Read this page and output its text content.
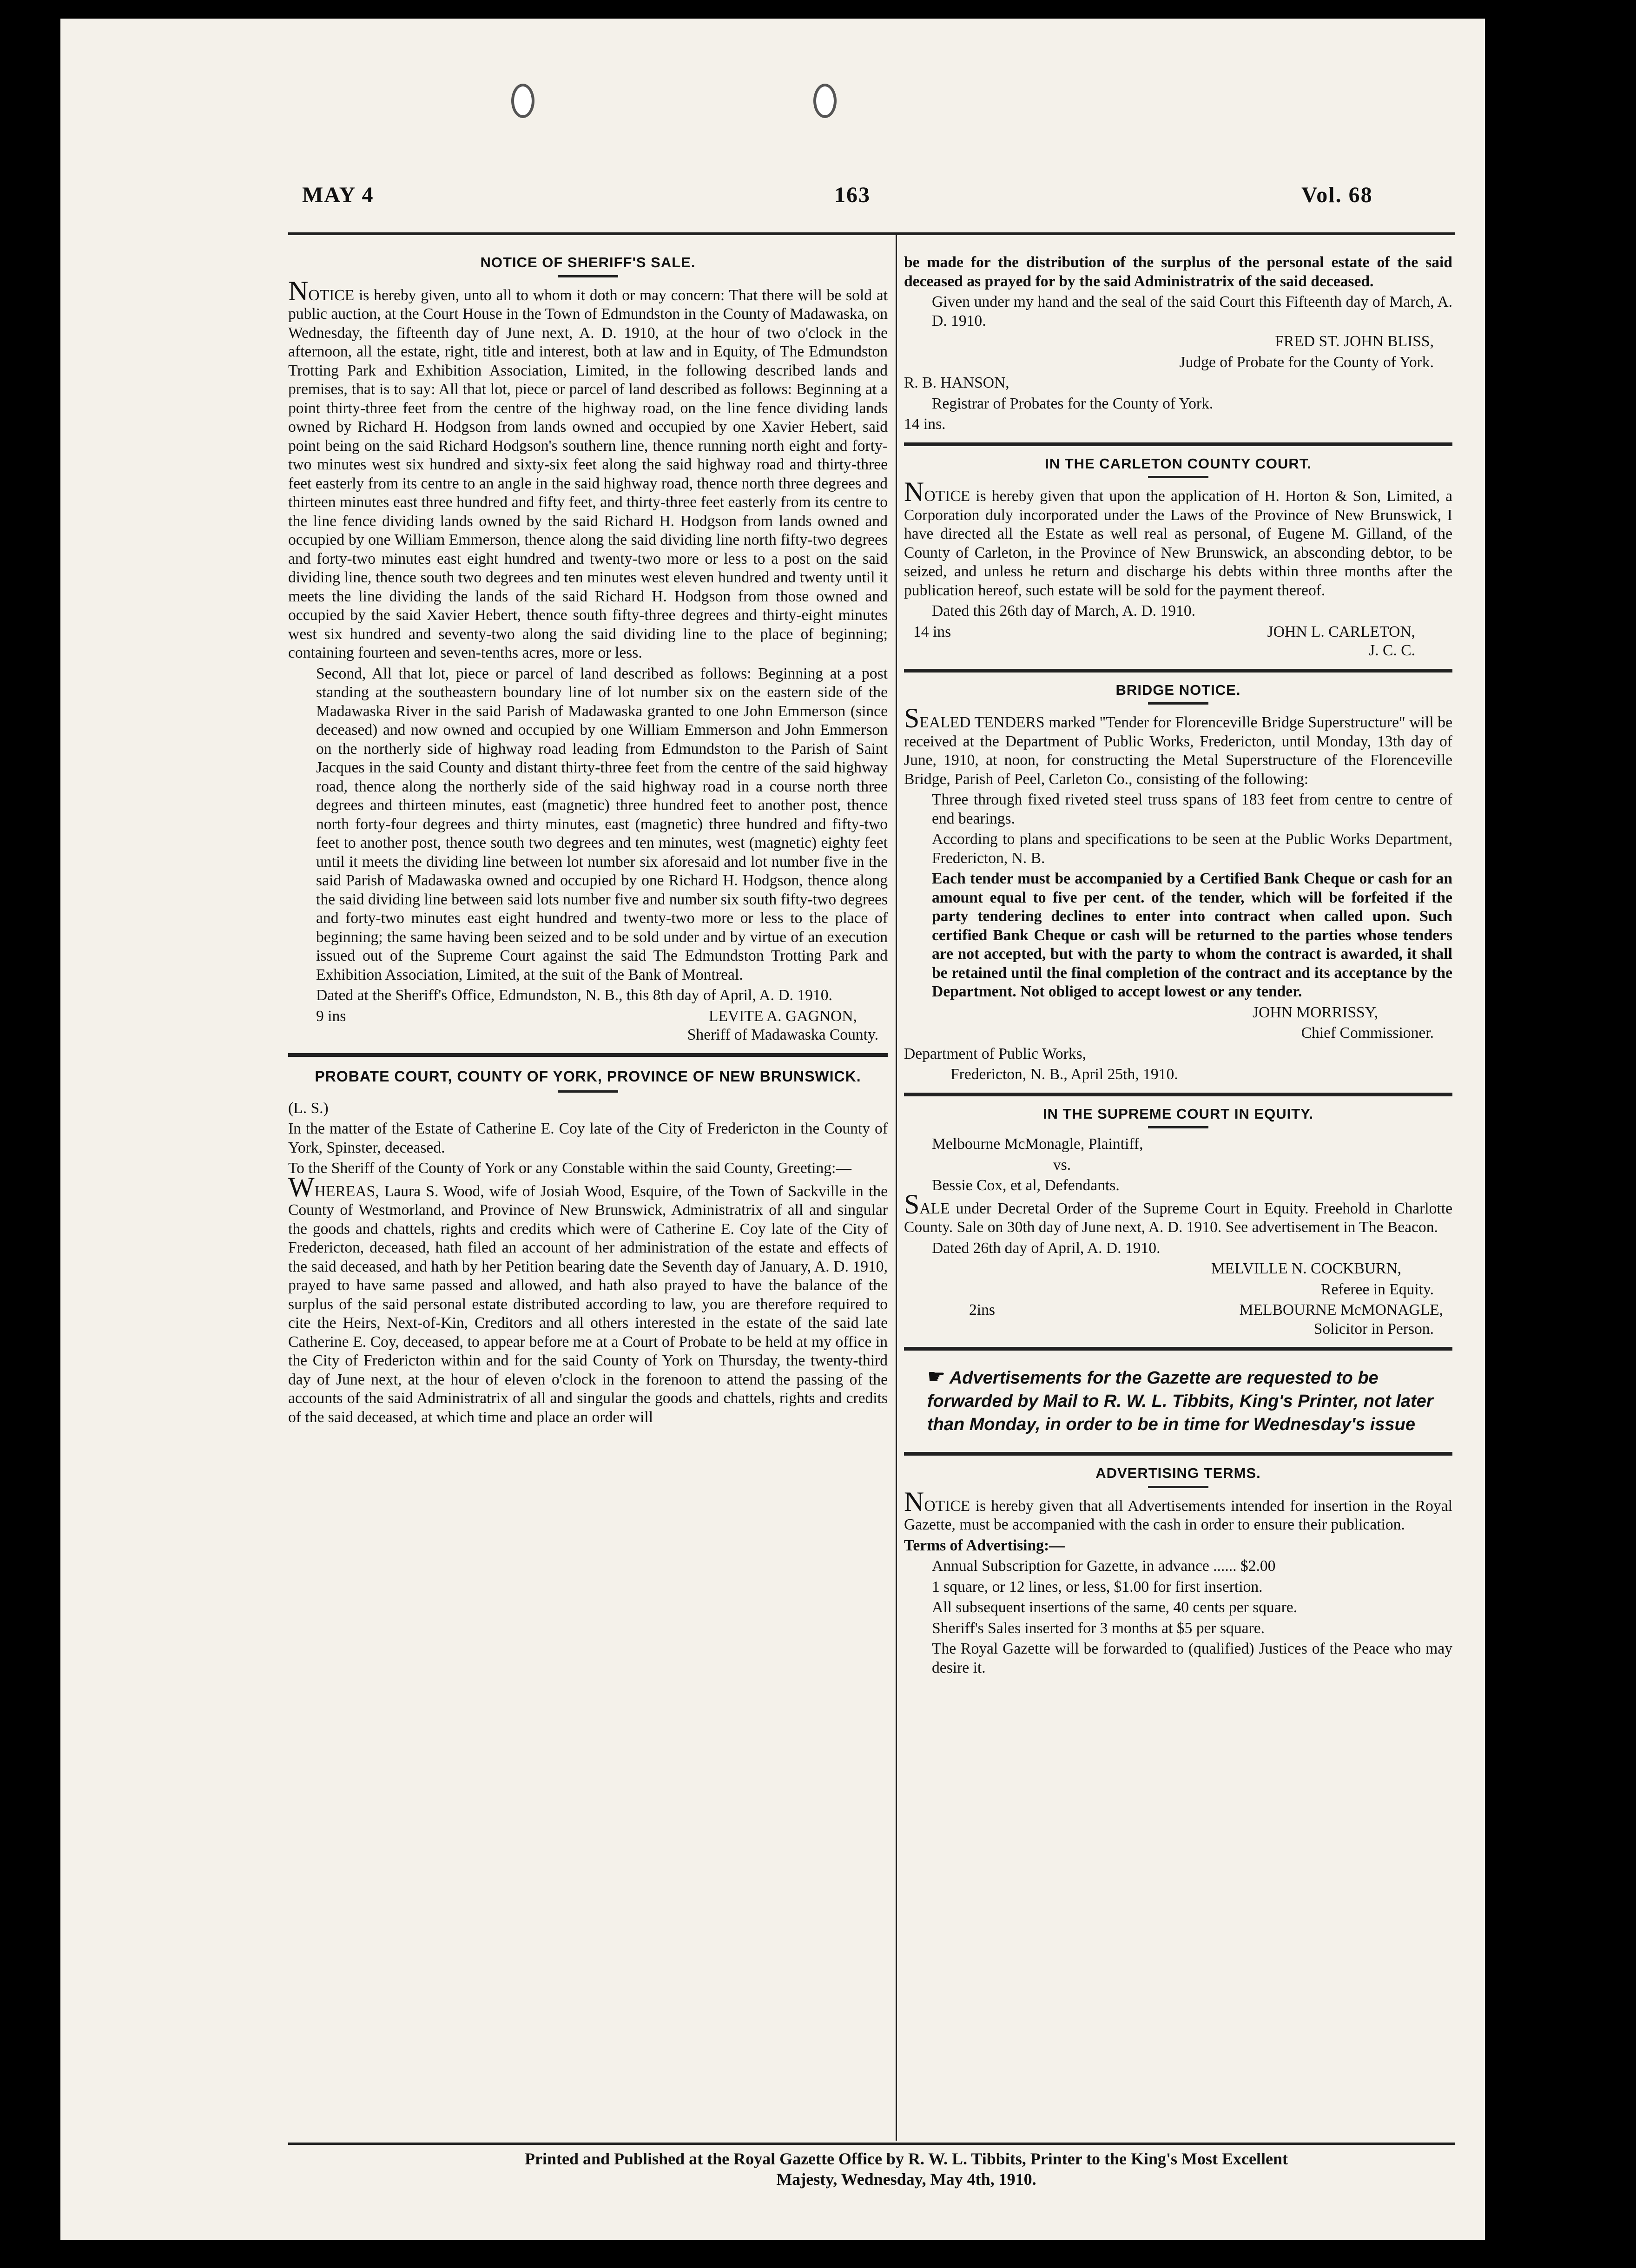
MAY 4	163	Vol. 68

NOTICE OF SHERIFF'S SALE.

NOTICE is hereby given, unto all to whom it doth or may concern: That there will be sold at public auction, at the Court House in the Town of Edmundston in the County of Madawaska, on Wednesday, the fifteenth day of June next, A. D. 1910, at the hour of two o'clock in the afternoon, all the estate, right, title and interest, both at law and in Equity, of The Edmundston Trotting Park and Exhibition Association, Limited, in the following described lands and premises, that is to say: All that lot, piece or parcel of land described as follows: Beginning at a point thirty-three feet from the centre of the highway road, on the line fence dividing lands owned by Richard H. Hodgson from lands owned and occupied by one Xavier Hebert, said point being on the said Richard Hodgson's southern line, thence running north eight and forty-two minutes west six hundred and sixty-six feet along the said highway road and thirty-three feet easterly from its centre to an angle in the said highway road, thence north three degrees and thirteen minutes east three hundred and fifty feet, and thirty-three feet easterly from its centre to the line fence dividing lands owned by the said Richard H. Hodgson from lands owned and occupied by one William Emmerson, thence along the said dividing line north fifty-two degrees and forty-two minutes east eight hundred and twenty-two more or less to a post on the said dividing line, thence south two degrees and ten minutes west eleven hundred and twenty until it meets the line dividing the lands of the said Richard H. Hodgson from those owned and occupied by the said Xavier Hebert, thence south fifty-three degrees and thirty-eight minutes west six hundred and seventy-two along the said dividing line to the place of beginning; containing fourteen and seven-tenths acres, more or less.

Second, All that lot, piece or parcel of land described as follows: Beginning at a post standing at the southeastern boundary line of lot number six on the eastern side of the Madawaska River in the said Parish of Madawaska granted to one John Emmerson (since deceased) and now owned and occupied by one William Emmerson and John Emmerson on the northerly side of highway road leading from Edmundston to the Parish of Saint Jacques in the said County and distant thirty-three feet from the centre of the said highway road, thence along the northerly side of the said highway road in a course north three degrees and thirteen minutes, east (magnetic) three hundred feet to another post, thence north forty-four degrees and thirty minutes, east (magnetic) three hundred and fifty-two feet to another post, thence south two degrees and ten minutes, west (magnetic) eighty feet until it meets the dividing line between lot number six aforesaid and lot number five in the said Parish of Madawaska owned and occupied by one Richard H. Hodgson, thence along the said dividing line between said lots number five and number six south fifty-two degrees and forty-two minutes east eight hundred and twenty-two more or less to the place of beginning; the same having been seized and to be sold under and by virtue of an execution issued out of the Supreme Court against the said The Edmundston Trotting Park and Exhibition Association, Limited, at the suit of the Bank of Montreal.

Dated at the Sheriff's Office, Edmundston, N. B., this 8th day of April, A. D. 1910.

9 ins	LEVITE A. GAGNON,
Sheriff of Madawaska County.

PROBATE COURT, COUNTY OF YORK, PROVINCE OF NEW BRUNSWICK.

(L. S.)

In the matter of the Estate of Catherine E. Coy late of the City of Fredericton in the County of York, Spinster, deceased.

To the Sheriff of the County of York or any Constable within the said County, Greeting:—

WHEREAS, Laura S. Wood, wife of Josiah Wood, Esquire, of the Town of Sackville in the County of Westmorland, and Province of New Brunswick, Administratrix of all and singular the goods and chattels, rights and credits which were of Catherine E. Coy late of the City of Fredericton, deceased, hath filed an account of her administration of the estate and effects of the said deceased, and hath by her Petition bearing date the Seventh day of January, A. D. 1910, prayed to have same passed and allowed, and hath also prayed to have the balance of the surplus of the said personal estate distributed according to law, you are therefore required to cite the Heirs, Next-of-Kin, Creditors and all others interested in the estate of the said late Catherine E. Coy, deceased, to appear before me at a Court of Probate to be held at my office in the City of Fredericton within and for the said County of York on Thursday, the twenty-third day of June next, at the hour of eleven o'clock in the forenoon to attend the passing of the accounts of the said Administratrix of all and singular the goods and chattels, rights and credits of the said deceased, at which time and place an order will

be made for the distribution of the surplus of the personal estate of the said deceased as prayed for by the said Administratrix of the said deceased.

Given under my hand and the seal of the said Court this Fifteenth day of March, A. D. 1910.

FRED ST. JOHN BLISS,

Judge of Probate for the County of York.

R. B. HANSON,

Registrar of Probates for the County of York.

14 ins.

IN THE CARLETON COUNTY COURT.

NOTICE is hereby given that upon the application of H. Horton & Son, Limited, a Corporation duly incorporated under the Laws of the Province of New Brunswick, I have directed all the Estate as well real as personal, of Eugene M. Gilland, of the County of Carleton, in the Province of New Brunswick, an absconding debtor, to be seized, and unless he return and discharge his debts within three months after the publication hereof, such estate will be sold for the payment thereof.

Dated this 26th day of March, A. D. 1910.

14 ins	JOHN L. CARLETON,

J. C. C.

BRIDGE NOTICE.

SEALED TENDERS marked "Tender for Florenceville Bridge Superstructure" will be received at the Department of Public Works, Fredericton, until Monday, 13th day of June, 1910, at noon, for constructing the Metal Superstructure of the Florenceville Bridge, Parish of Peel, Carleton Co., consisting of the following:

Three through fixed riveted steel truss spans of 183 feet from centre to centre of end bearings.

According to plans and specifications to be seen at the Public Works Department, Fredericton, N. B.

Each tender must be accompanied by a Certified Bank Cheque or cash for an amount equal to five per cent. of the tender, which will be forfeited if the party tendering declines to enter into contract when called upon. Such certified Bank Cheque or cash will be returned to the parties whose tenders are not accepted, but with the party to whom the contract is awarded, it shall be retained until the final completion of the contract and its acceptance by the Department. Not obliged to accept lowest or any tender.

JOHN MORRISSY,

Chief Commissioner.

Department of Public Works,

Fredericton, N. B., April 25th, 1910.

IN THE SUPREME COURT IN EQUITY.

Melbourne McMonagle, Plaintiff,

vs.

Bessie Cox, et al, Defendants.

SALE under Decretal Order of the Supreme Court in Equity. Freehold in Charlotte County. Sale on 30th day of June next, A. D. 1910. See advertisement in The Beacon.

Dated 26th day of April, A. D. 1910.

MELVILLE N. COCKBURN,

Referee in Equity.

2ins	MELBOURNE McMONAGLE,

Solicitor in Person.

☛ Advertisements for the Gazette are requested to be forwarded by Mail to R. W. L. Tibbits, King's Printer, not later than Monday, in order to be in time for Wednesday's issue

ADVERTISING TERMS.

NOTICE is hereby given that all Advertisements intended for insertion in the Royal Gazette, must be accompanied with the cash in order to ensure their publication.

Terms of Advertising:—

Annual Subscription for Gazette, in advance ...... $2.00

1 square, or 12 lines, or less, $1.00 for first insertion.

All subsequent insertions of the same, 40 cents per square.

Sheriff's Sales inserted for 3 months at $5 per square.

The Royal Gazette will be forwarded to (qualified) Justices of the Peace who may desire it.

Printed and Published at the Royal Gazette Office by R. W. L. Tibbits, Printer to the King's Most Excellent
Majesty, Wednesday, May 4th, 1910.
